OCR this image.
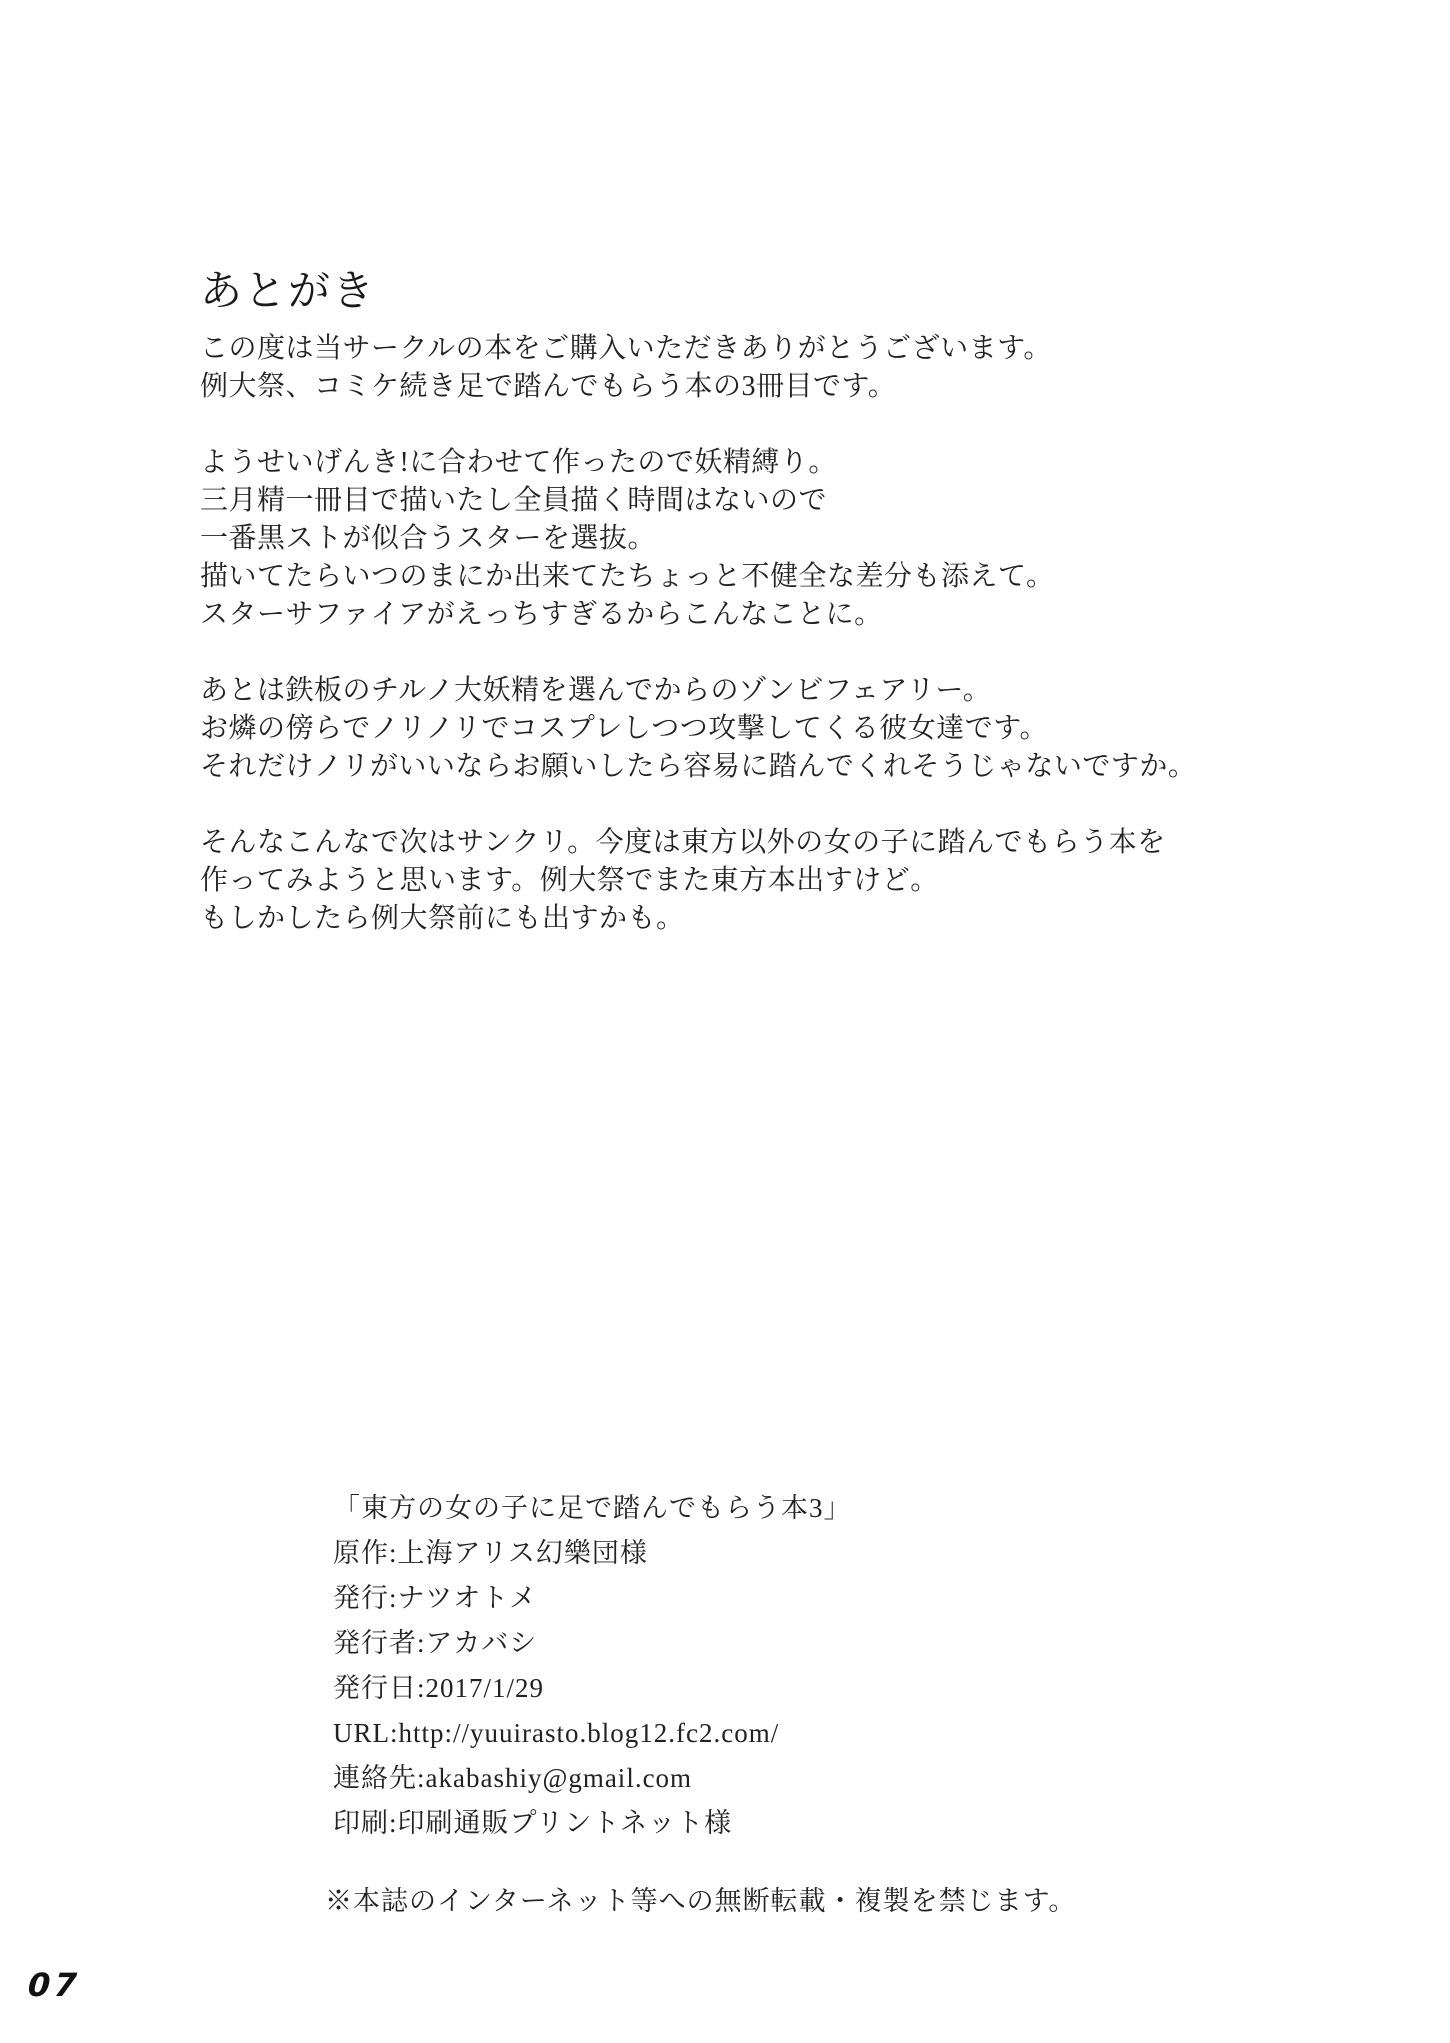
あとがき

この度は当サークルの本をご購入いただきありがとうございます。
例大祭、コミケ続き足で踏んでもらう本の3冊目です。

ようせいげんき!に合わせて作ったので妖精縛り。
三月精一冊目で描いたし全員描く時間はないので
一番黒ストが似合うスターを選抜。
描いてたらいつのまにか出来てたちょっと不健全な差分も添えて。
スターサファイアがえっちすぎるからこんなことに。

あとは鉄板のチルノ大妖精を選んでからのゾンビフェアリー。
お燐の傍らでノリノリでコスプレしつつ攻撃してくる彼女達です。
それだけノリがいいならお願いしたら容易に踏んでくれそうじゃないですか。

そんなこんなで次はサンクリ。今度は東方以外の女の子に踏んでもらう本を
作ってみようと思います。例大祭でまた東方本出すけど。
もしかしたら例大祭前にも出すかも。

「東方の女の子に足で踏んでもらう本3」
原作:上海アリス幻樂団様
発行:ナツオトメ
発行者:アカバシ
発行日:2017/1/29
URL:http://yuuirasto.blog12.fc2.com/
連絡先:akabashiy@gmail.com
印刷:印刷通販プリントネット様
※本誌のインターネット等への無断転載・複製を禁じます。
07
